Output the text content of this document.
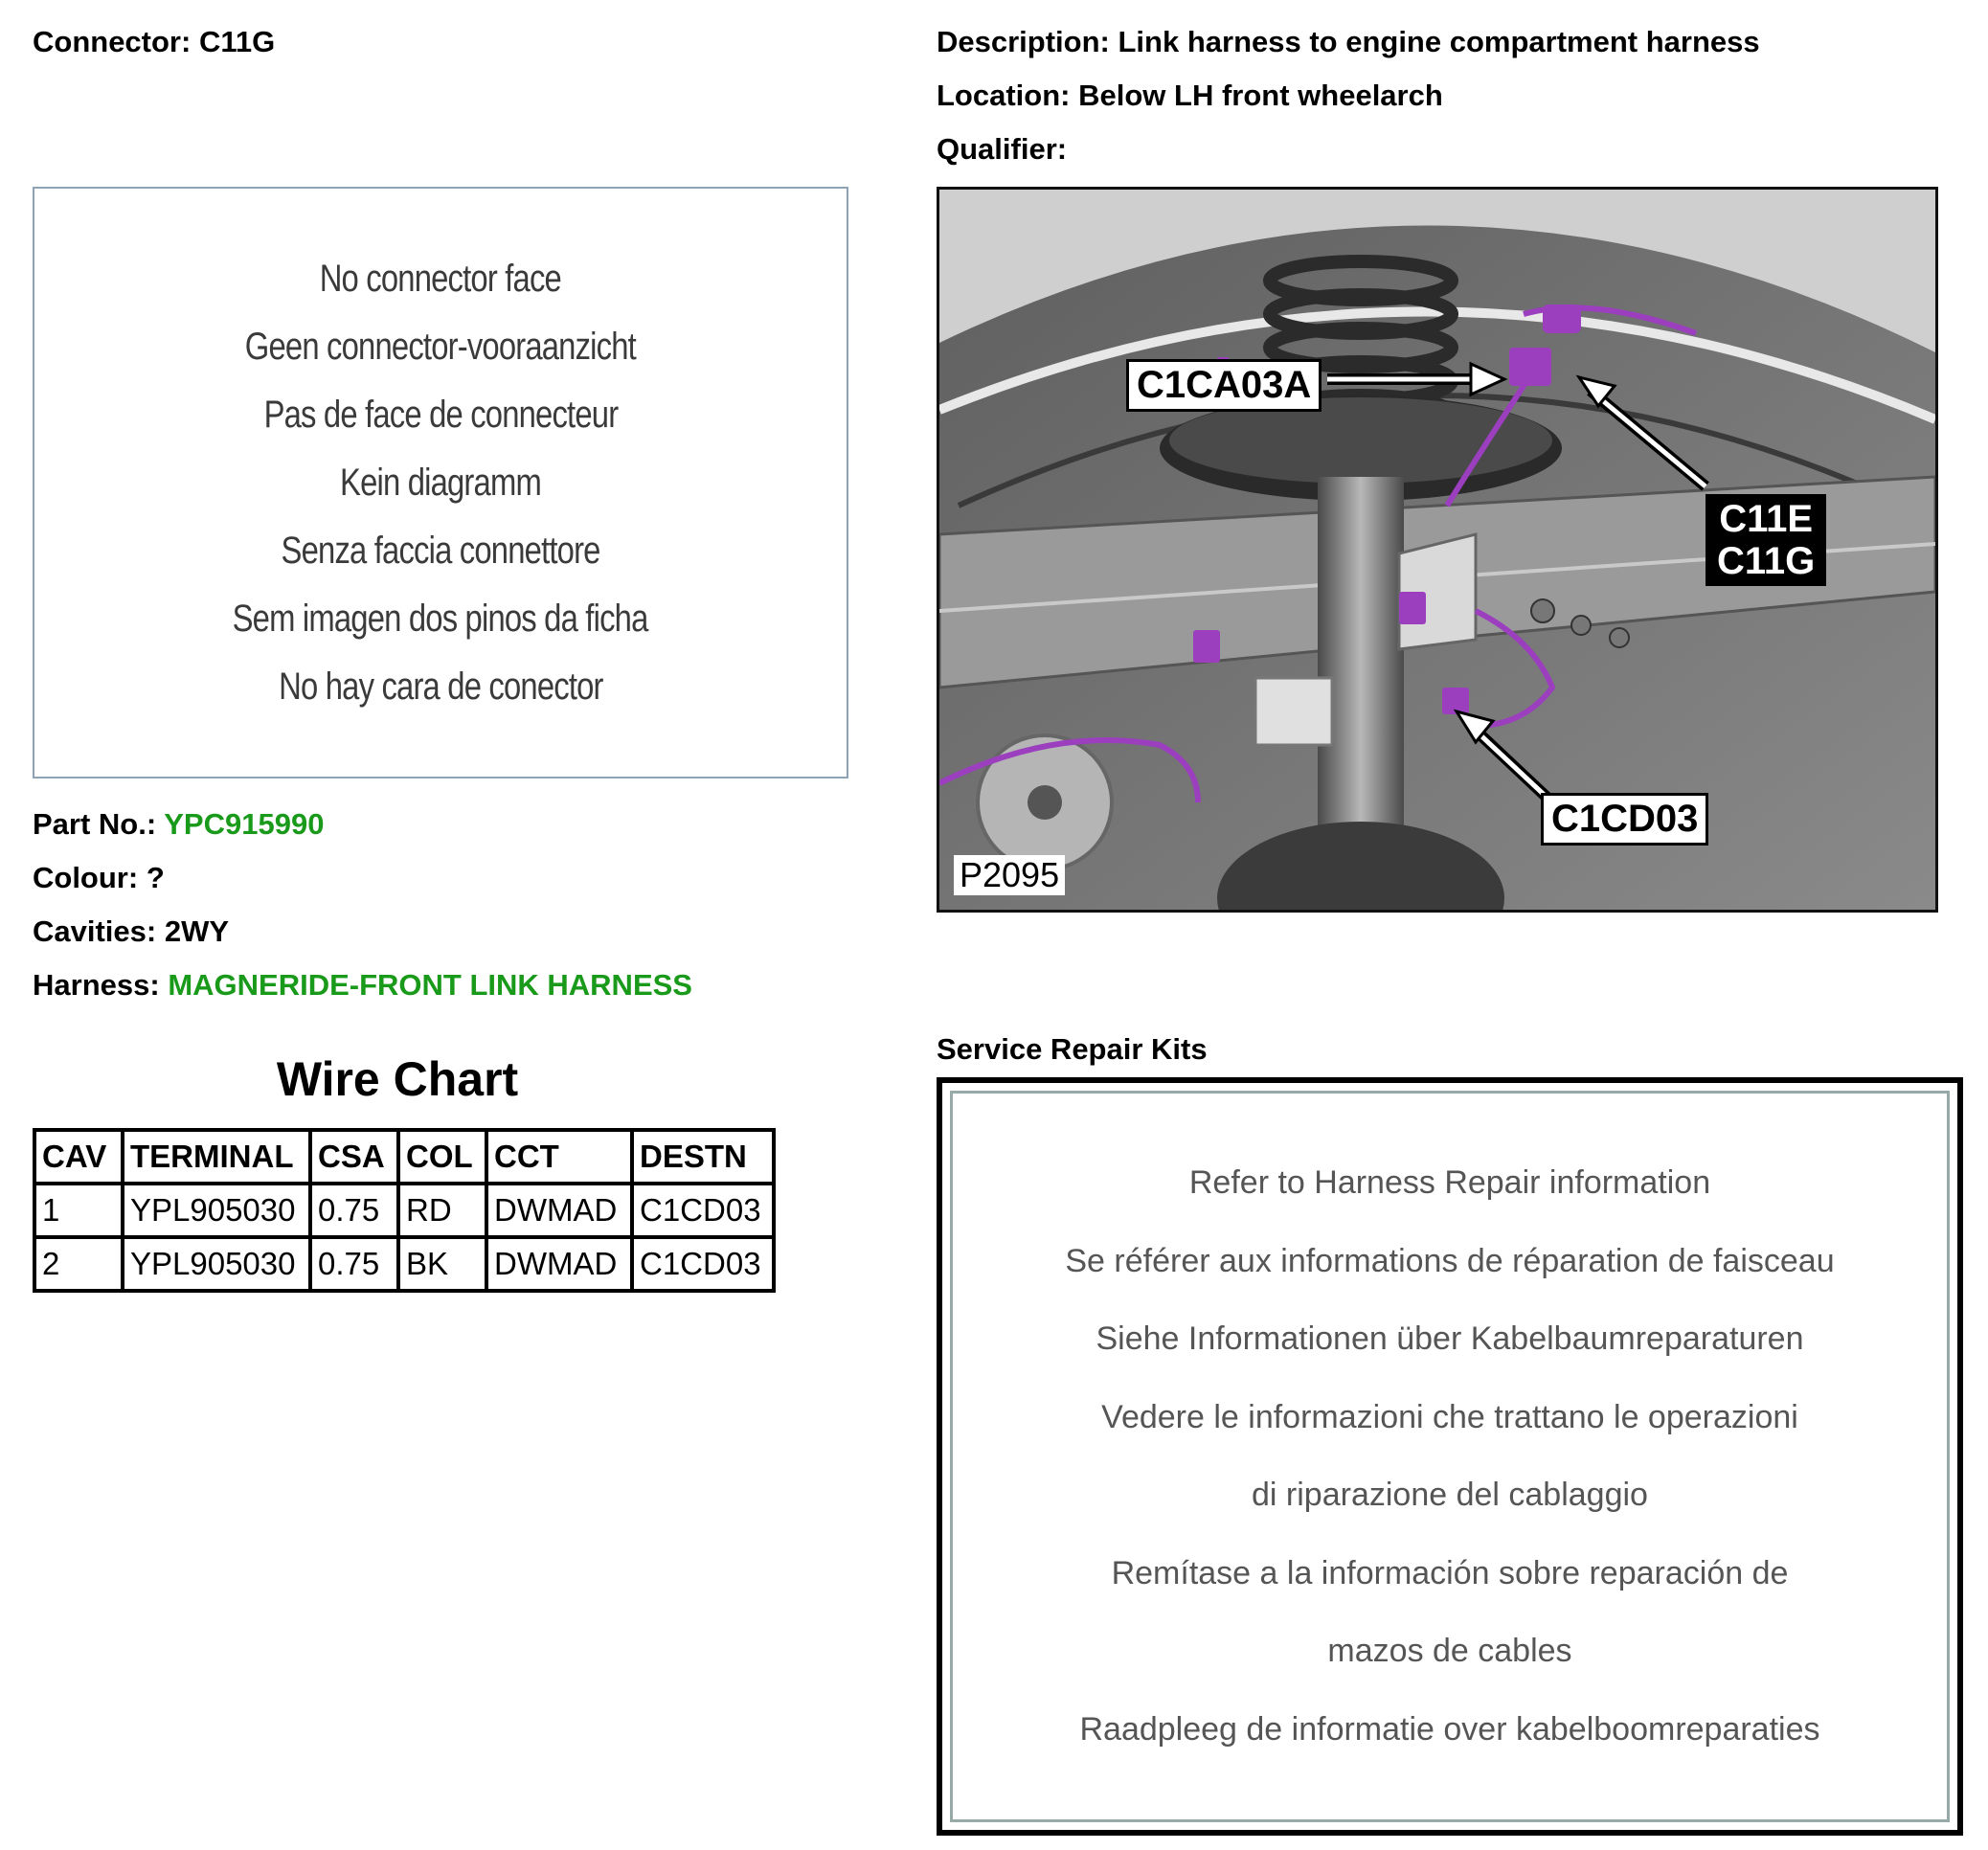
Connector: C11G	Description: Link harness to engine compartment harness
Location: Below LH front wheelarch
Qualifier:
No connector face
Geen connector-vooraanzicht
Pas de face de connecteur
Kein diagramm
Senza faccia connettore
Sem imagen dos pinos da ficha
No hay cara de conector
C1CA03A
C11E
C11G
C1CD03
P2095
Part No.: YPC915990
Colour: ?
Cavities: 2WY
Harness: MAGNERIDE-FRONT LINK HARNESS
Wire Chart
CAV	TERMINAL	CSA	COL	CCT	DESTN
1	YPL905030	0.75	RD	DWMAD	C1CD03
2	YPL905030	0.75	BK	DWMAD	C1CD03
Service Repair Kits
Refer to Harness Repair information
Se référer aux informations de réparation de faisceau
Siehe Informationen über Kabelbaumreparaturen
Vedere le informazioni che trattano le operazioni
di riparazione del cablaggio
Remítase a la información sobre reparación de
mazos de cables
Raadpleeg de informatie over kabelboomreparaties
